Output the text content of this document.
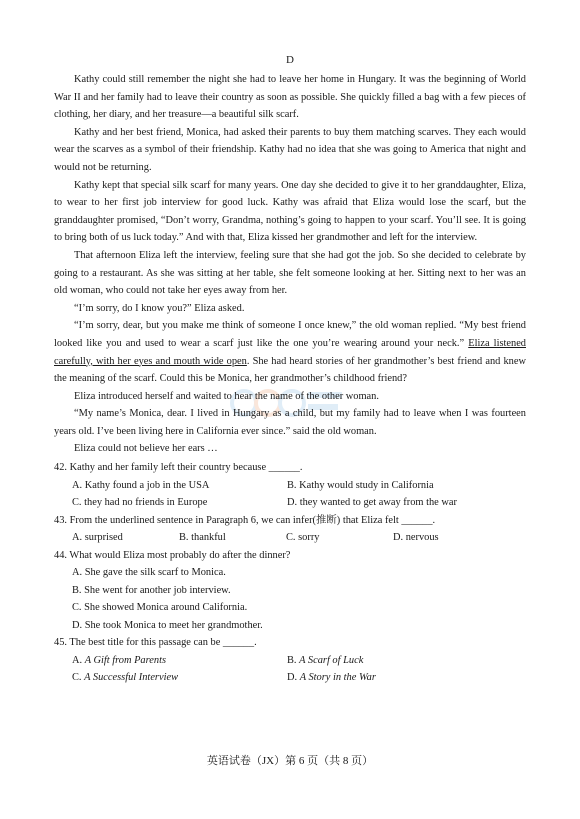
D

Kathy could still remember the night she had to leave her home in Hungary. It was the beginning of World War II and her family had to leave their country as soon as possible. She quickly filled a bag with a few pieces of clothing, her diary, and her treasure—a beautiful silk scarf.

Kathy and her best friend, Monica, had asked their parents to buy them matching scarves. They each would wear the scarves as a symbol of their friendship. Kathy had no idea that she was going to America that night and would not be returning.

Kathy kept that special silk scarf for many years. One day she decided to give it to her granddaughter, Eliza, to wear to her first job interview for good luck. Kathy was afraid that Eliza would lose the scarf, but the granddaughter promised, “Don’t worry, Grandma, nothing’s going to happen to your scarf. You’ll see. It is going to bring both of us luck today.” And with that, Eliza kissed her grandmother and left for the interview.

That afternoon Eliza left the interview, feeling sure that she had got the job. So she decided to celebrate by going to a restaurant. As she was sitting at her table, she felt someone looking at her. Sitting next to her was an old woman, who could not take her eyes away from her.

“I’m sorry, do I know you?” Eliza asked.

“I’m sorry, dear, but you make me think of someone I once knew,” the old woman replied. “My best friend looked like you and used to wear a scarf just like the one you’re wearing around your neck.” Eliza listened carefully, with her eyes and mouth wide open. She had heard stories of her grandmother’s best friend and knew the meaning of the scarf. Could this be Monica, her grandmother’s childhood friend?

Eliza introduced herself and waited to hear the name of the other woman.

“My name’s Monica, dear. I lived in Hungary as a child, but my family had to leave when I was fourteen years old. I’ve been living here in California ever since.” said the old woman.

Eliza could not believe her ears …

42. Kathy and her family left their country because ______.

A. Kathy found a job in the USA	B. Kathy would study in California

C. they had no friends in Europe	D. they wanted to get away from the war

43. From the underlined sentence in Paragraph 6, we can infer(推断) that Eliza felt ______.

A. surprised	B. thankful	C. sorry	D. nervous

44. What would Eliza most probably do after the dinner?

A. She gave the silk scarf to Monica.

B. She went for another job interview.

C. She showed Monica around California.

D. She took Monica to meet her grandmother.

45. The best title for this passage can be ______.

A. A Gift from Parents	B. A Scarf of Luck

C. A Successful Interview	D. A Story in the War

英语试卷（JX）第 6 页（共 8 页）
